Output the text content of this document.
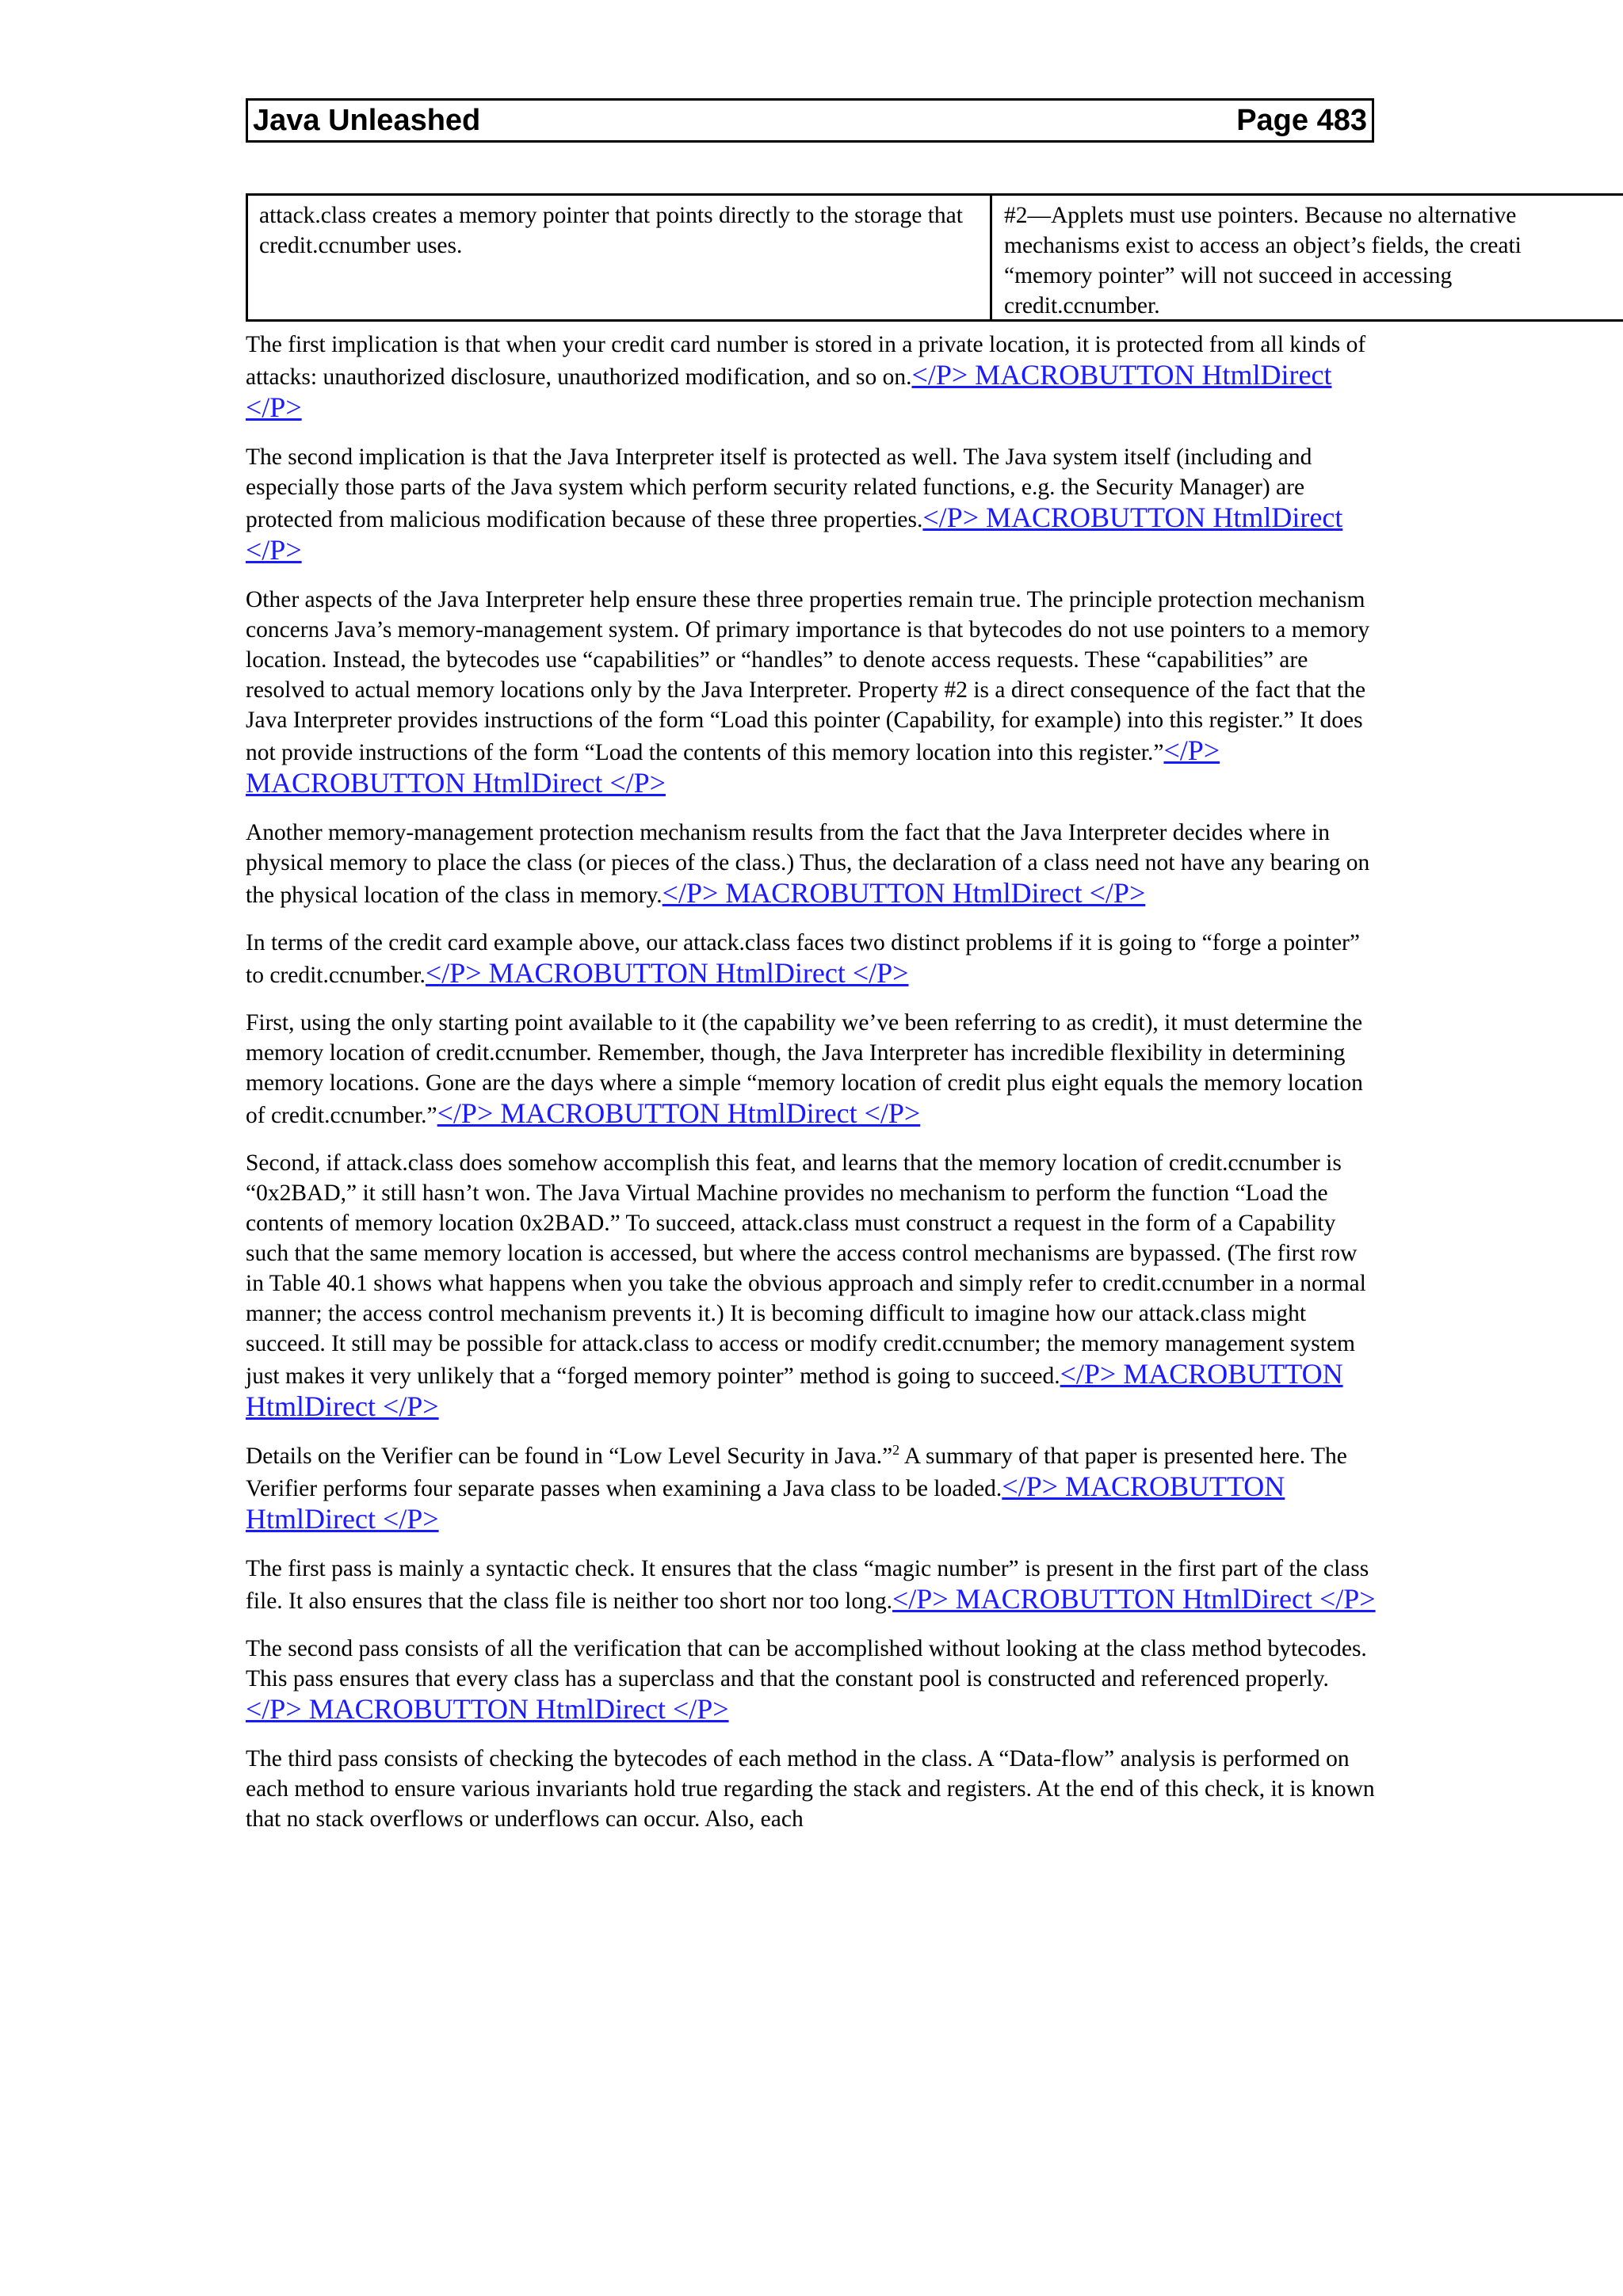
Java Unleashed	Page 483
attack.class creates a memory pointer that points directly to the storage that credit.ccnumber uses.
#2—Applets must use pointers. Because no alternative
mechanisms exist to access an object’s fields, the creati
“memory pointer” will not succeed in accessing
credit.ccnumber.

The first implication is that when your credit card number is stored in a private location, it is protected from all kinds of attacks: unauthorized disclosure, unauthorized modification, and so on.</P> MACROBUTTON HtmlDirect </P>

The second implication is that the Java Interpreter itself is protected as well. The Java system itself (including and especially those parts of the Java system which perform security related functions, e.g. the Security Manager) are protected from malicious modification because of these three properties.</P> MACROBUTTON HtmlDirect </P>

Other aspects of the Java Interpreter help ensure these three properties remain true. The principle protection mechanism concerns Java’s memory-management system. Of primary importance is that bytecodes do not use pointers to a memory location. Instead, the bytecodes use “capabilities” or “handles” to denote access requests. These “capabilities” are resolved to actual memory locations only by the Java Interpreter. Property #2 is a direct consequence of the fact that the Java Interpreter provides instructions of the form “Load this pointer (Capability, for example) into this register.” It does not provide instructions of the form “Load the contents of this memory location into this register.”</P> MACROBUTTON HtmlDirect </P>

Another memory-management protection mechanism results from the fact that the Java Interpreter decides where in physical memory to place the class (or pieces of the class.) Thus, the declaration of a class need not have any bearing on the physical location of the class in memory.</P> MACROBUTTON HtmlDirect </P>

In terms of the credit card example above, our attack.class faces two distinct problems if it is going to “forge a pointer” to credit.ccnumber.</P> MACROBUTTON HtmlDirect </P>

First, using the only starting point available to it (the capability we’ve been referring to as credit), it must determine the memory location of credit.ccnumber. Remember, though, the Java Interpreter has incredible flexibility in determining memory locations. Gone are the days where a simple “memory location of credit plus eight equals the memory location of credit.ccnumber.”</P> MACROBUTTON HtmlDirect </P>

Second, if attack.class does somehow accomplish this feat, and learns that the memory location of credit.ccnumber is “0x2BAD,” it still hasn’t won. The Java Virtual Machine provides no mechanism to perform the function “Load the contents of memory location 0x2BAD.” To succeed, attack.class must construct a request in the form of a Capability such that the same memory location is accessed, but where the access control mechanisms are bypassed. (The first row in Table 40.1 shows what happens when you take the obvious approach and simply refer to credit.ccnumber in a normal manner; the access control mechanism prevents it.) It is becoming difficult to imagine how our attack.class might succeed. It still may be possible for attack.class to access or modify credit.ccnumber; the memory management system just makes it very unlikely that a “forged memory pointer” method is going to succeed.</P> MACROBUTTON HtmlDirect </P>

Details on the Verifier can be found in “Low Level Security in Java.”$^2$ A summary of that paper is presented here. The Verifier performs four separate passes when examining a Java class to be loaded.</P> MACROBUTTON HtmlDirect </P>

The first pass is mainly a syntactic check. It ensures that the class “magic number” is present in the first part of the class file. It also ensures that the class file is neither too short nor too long.</P> MACROBUTTON HtmlDirect </P>

The second pass consists of all the verification that can be accomplished without looking at the class method bytecodes. This pass ensures that every class has a superclass and that the constant pool is constructed and referenced properly.</P> MACROBUTTON HtmlDirect </P>

The third pass consists of checking the bytecodes of each method in the class. A “Data-flow” analysis is performed on each method to ensure various invariants hold true regarding the stack and registers. At the end of this check, it is known that no stack overflows or underflows can occur. Also, each
